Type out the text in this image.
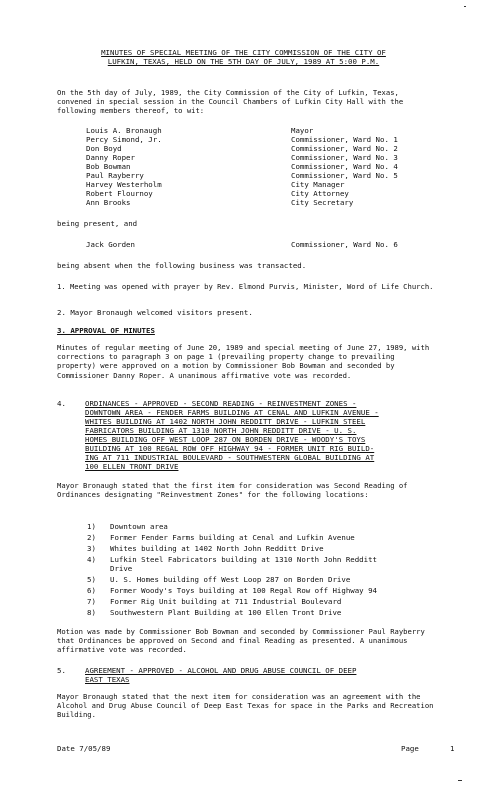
MINUTES OF SPECIAL MEETING OF THE CITY COMMISSION OF THE CITY OF
LUFKIN, TEXAS, HELD ON THE 5TH DAY OF JULY, 1989 AT 5:00 P.M.
On the 5th day of July, 1989, the City Commission of the City of Lufkin, Texas, convened in special session in the Council Chambers of Lufkin City Hall with the following members thereof, to wit:
Louis A. Bronaugh	Mayor
Percy Simond, Jr.	Commissioner, Ward No. 1
Don Boyd	Commissioner, Ward No. 2
Danny Roper	Commissioner, Ward No. 3
Bob Bowman	Commissioner, Ward No. 4
Paul Rayberry	Commissioner, Ward No. 5
Harvey Westerholm	City Manager
Robert Flournoy	City Attorney
Ann Brooks	City Secretary
being present, and
Jack Gorden	Commissioner, Ward No. 6
being absent when the following business was transacted.
1. Meeting was opened with prayer by Rev. Elmond Purvis, Minister, Word of Life Church.
2. Mayor Bronaugh welcomed visitors present.
3. APPROVAL OF MINUTES
Minutes of regular meeting of June 20, 1989 and special meeting of June 27, 1989, with corrections to paragraph 3 on page 1 (prevailing property change to prevailing property) were approved on a motion by Commissioner Bob Bowman and seconded by Commissioner Danny Roper. A unanimous affirmative vote was recorded.
4.	ORDINANCES - APPROVED - SECOND READING - REINVESTMENT ZONES -
DOWNTOWN AREA - FENDER FARMS BUILDING AT CENAL AND LUFKIN AVENUE -
WHITES BUILDING AT 1402 NORTH JOHN REDDITT DRIVE - LUFKIN STEEL
FABRICATORS BUILDING AT 1310 NORTH JOHN REDDITT DRIVE - U. S.
HOMES BUILDING OFF WEST LOOP 287 ON BORDEN DRIVE - WOODY'S TOYS
BUILDING AT 100 REGAL ROW OFF HIGHWAY 94 - FORMER UNIT RIG BUILD-
ING AT 711 INDUSTRIAL BOULEVARD - SOUTHWESTERN GLOBAL BUILDING AT
100 ELLEN TRONT DRIVE
Mayor Bronaugh stated that the first item for consideration was Second Reading of Ordinances designating "Reinvestment Zones" for the following locations:
1) Downtown area
2) Former Fender Farms building at Cenal and Lufkin Avenue
3) Whites building at 1402 North John Redditt Drive
4) Lufkin Steel Fabricators building at 1310 North John Redditt
Drive
5) U. S. Homes building off West Loop 287 on Borden Drive
6) Former Woody's Toys building at 100 Regal Row off Highway 94
7) Former Rig Unit building at 711 Industrial Boulevard
8) Southwestern Plant Building at 100 Ellen Tront Drive
Motion was made by Commissioner Bob Bowman and seconded by Commissioner Paul Rayberry that Ordinances be approved on Second and final Reading as presented. A unanimous affirmative vote was recorded.
5.	AGREEMENT - APPROVED - ALCOHOL AND DRUG ABUSE COUNCIL OF DEEP
EAST TEXAS
Mayor Bronaugh stated that the next item for consideration was an agreement with the Alcohol and Drug Abuse Council of Deep East Texas for space in the Parks and Recreation Building.
Date 7/05/89	Page	1
